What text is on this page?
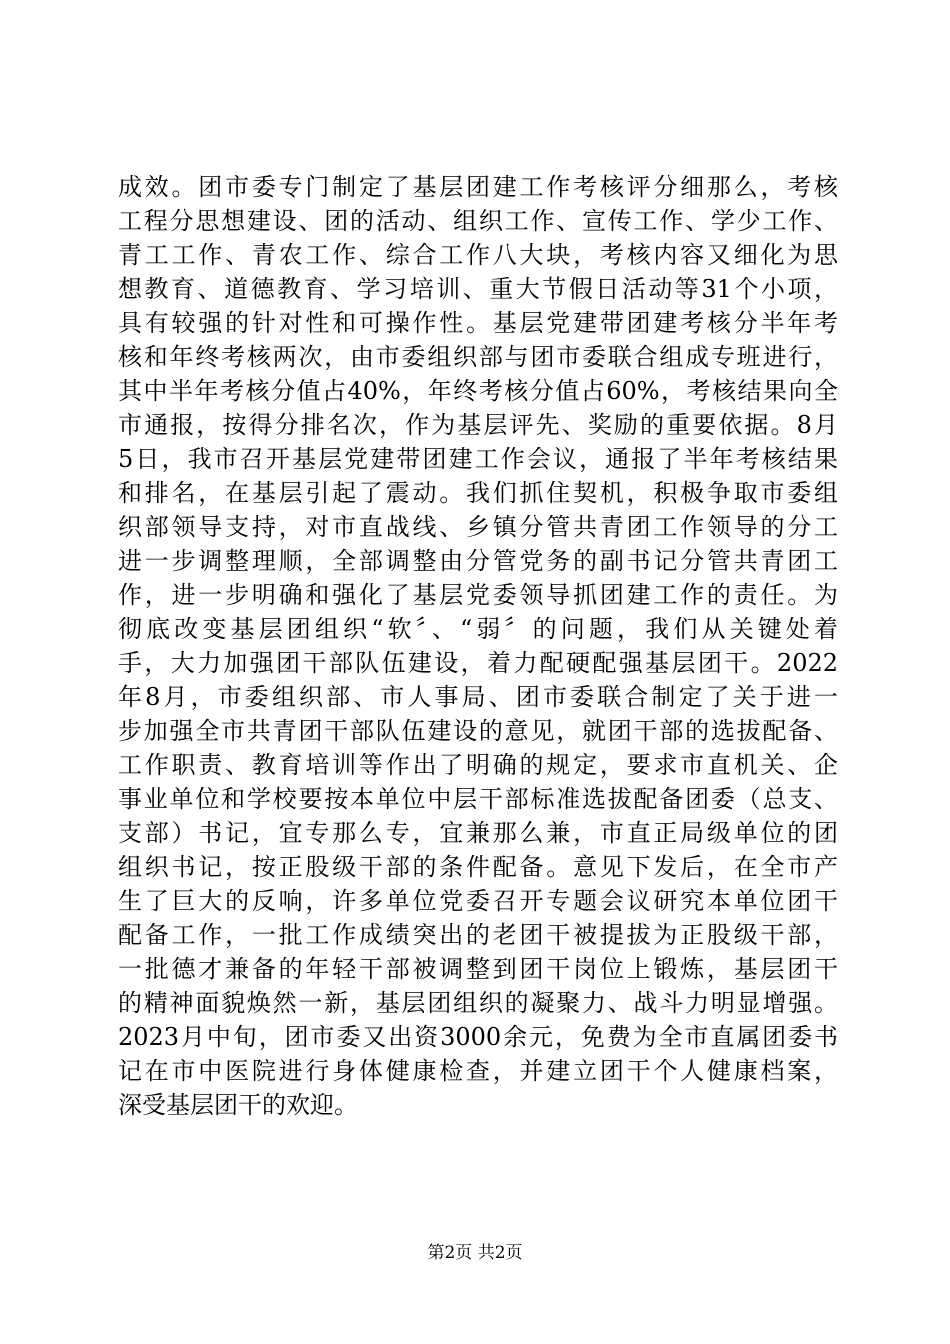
成效。团市委专门制定了基层团建工作考核评分细那么，考核
工程分思想建设、团的活动、组织工作、宣传工作、学少工作、
青工工作、青农工作、综合工作八大块，考核内容又细化为思
想教育、道德教育、学习培训、重大节假日活动等31个小项，
具有较强的针对性和可操作性。基层党建带团建考核分半年考
核和年终考核两次，由市委组织部与团市委联合组成专班进行，
其中半年考核分值占40%，年终考核分值占60%，考核结果向全
市通报，按得分排名次，作为基层评先、奖励的重要依据。8月
5日，我市召开基层党建带团建工作会议，通报了半年考核结果
和排名，在基层引起了震动。我们抓住契机，积极争取市委组
织部领导支持，对市直战线、乡镇分管共青团工作领导的分工
进一步调整理顺，全部调整由分管党务的副书记分管共青团工
作，进一步明确和强化了基层党委领导抓团建工作的责任。为
彻底改变基层团组织“软〞、“弱〞的问题，我们从关键处着
手，大力加强团干部队伍建设，着力配硬配强基层团干。2022
年8月，市委组织部、市人事局、团市委联合制定了关于进一
步加强全市共青团干部队伍建设的意见，就团干部的选拔配备、
工作职责、教育培训等作出了明确的规定，要求市直机关、企
事业单位和学校要按本单位中层干部标准选拔配备团委（总支、
支部）书记，宜专那么专，宜兼那么兼，市直正局级单位的团
组织书记，按正股级干部的条件配备。意见下发后，在全市产
生了巨大的反响，许多单位党委召开专题会议研究本单位团干
配备工作，一批工作成绩突出的老团干被提拔为正股级干部，
一批德才兼备的年轻干部被调整到团干岗位上锻炼，基层团干
的精神面貌焕然一新，基层团组织的凝聚力、战斗力明显增强。
2023月中旬，团市委又出资3000余元，免费为全市直属团委书
记在市中医院进行身体健康检查，并建立团干个人健康档案，
深受基层团干的欢迎。
第2页 共2页
